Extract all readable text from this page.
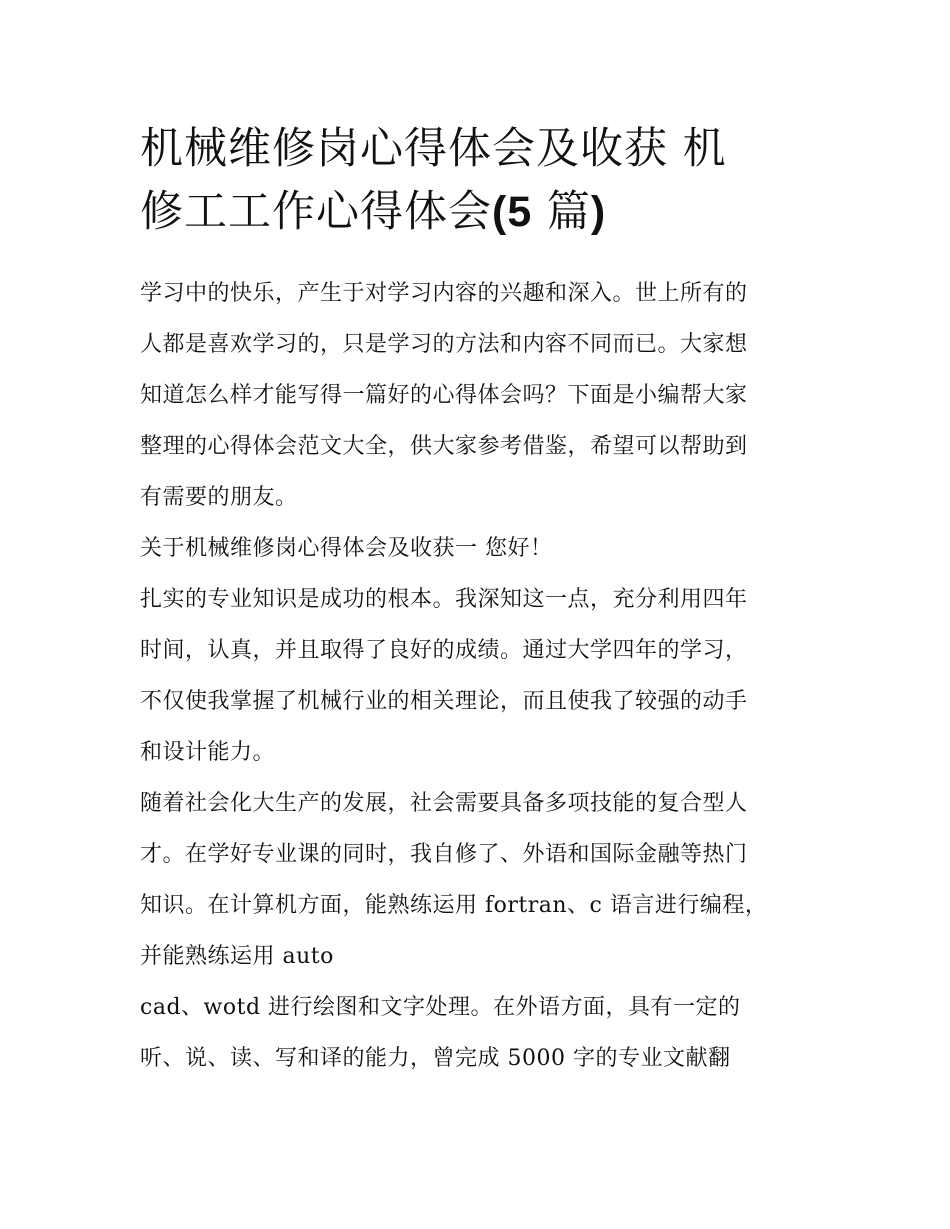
机械维修岗心得体会及收获 机
修工工作心得体会(5 篇)
学习中的快乐，产生于对学习内容的兴趣和深入。世上所有的
人都是喜欢学习的，只是学习的方法和内容不同而已。大家想
知道怎么样才能写得一篇好的心得体会吗？下面是小编帮大家
整理的心得体会范文大全，供大家参考借鉴，希望可以帮助到
有需要的朋友。
关于机械维修岗心得体会及收获一 您好！
扎实的专业知识是成功的根本。我深知这一点，充分利用四年
时间，认真，并且取得了良好的成绩。通过大学四年的学习，
不仅使我掌握了机械行业的相关理论，而且使我了较强的动手
和设计能力。
随着社会化大生产的发展，社会需要具备多项技能的复合型人
才。在学好专业课的同时，我自修了、外语和国际金融等热门
知识。在计算机方面，能熟练运用 fortran、c 语言进行编程，
并能熟练运用 auto
cad、wotd 进行绘图和文字处理。在外语方面，具有一定的
听、说、读、写和译的能力，曾完成 5000 字的专业文献翻
